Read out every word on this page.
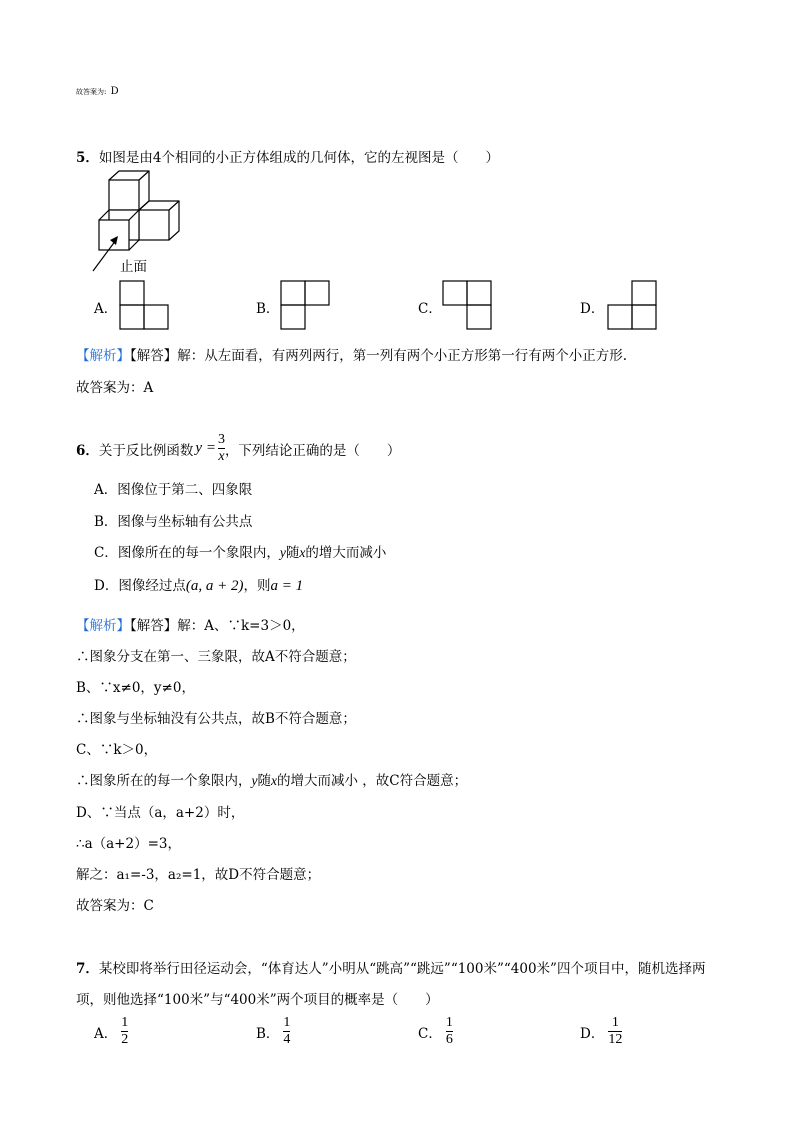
故答案为: D
5．如图是由4个相同的小正方体组成的几何体，它的左视图是（　　）
止面
A．	B．	C．	D．
【解析】【解答】解：从左面看，有两列两行，第一列有两个小正方形第一行有两个小正方形.
故答案为：A
6． 关于反比例函数 $y = \frac{3}{x}$ ，下列结论正确的是（　　）
A．图像位于第二、四象限
B．图像与坐标轴有公共点
C．图像所在的每一个象限内，y随x的增大而减小
D．图像经过点(a, a + 2)，则a = 1
【解析】【解答】解：A、∵k=3＞0，
∴图象分支在第一、三象限，故A不符合题意；
B、∵x≠0，y≠0，
∴图象与坐标轴没有公共点，故B不符合题意；
C、∵k＞0，
∴图象所在的每一个象限内，y随x的增大而减小 ，故C符合题意；
D、∵当点（a，a+2）时，
∴a（a+2）=3，
解之：a₁=-3，a₂=1，故D不符合题意；
故答案为：C
7．某校即将举行田径运动会，“体育达人”小明从“跳高”“跳远”“100米”“400米”四个项目中，随机选择两
项，则他选择“100米”与“400米”两个项目的概率是（　　）
A． $\frac{1}{2}$	B． $\frac{1}{4}$	C． $\frac{1}{6}$	D． $\frac{1}{12}$
